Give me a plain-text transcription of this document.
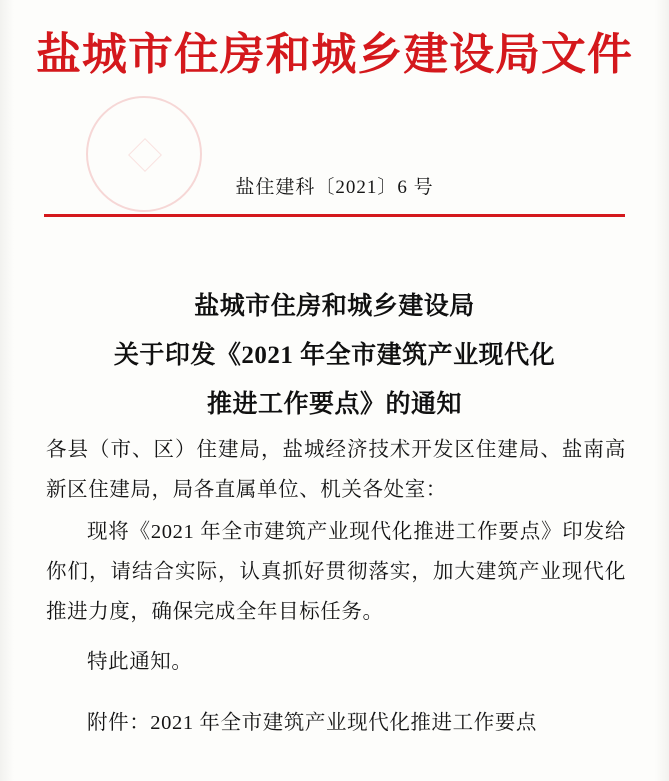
盐城市住房和城乡建设局文件
盐住建科〔2021〕6 号
盐城市住房和城乡建设局
关于印发《2021 年全市建筑产业现代化
推进工作要点》的通知

各县（市、区）住建局，盐城经济技术开发区住建局、盐南高新区住建局，局各直属单位、机关各处室：

现将《2021 年全市建筑产业现代化推进工作要点》印发给你们，请结合实际，认真抓好贯彻落实，加大建筑产业现代化推进力度，确保完成全年目标任务。

特此通知。

附件：2021 年全市建筑产业现代化推进工作要点
